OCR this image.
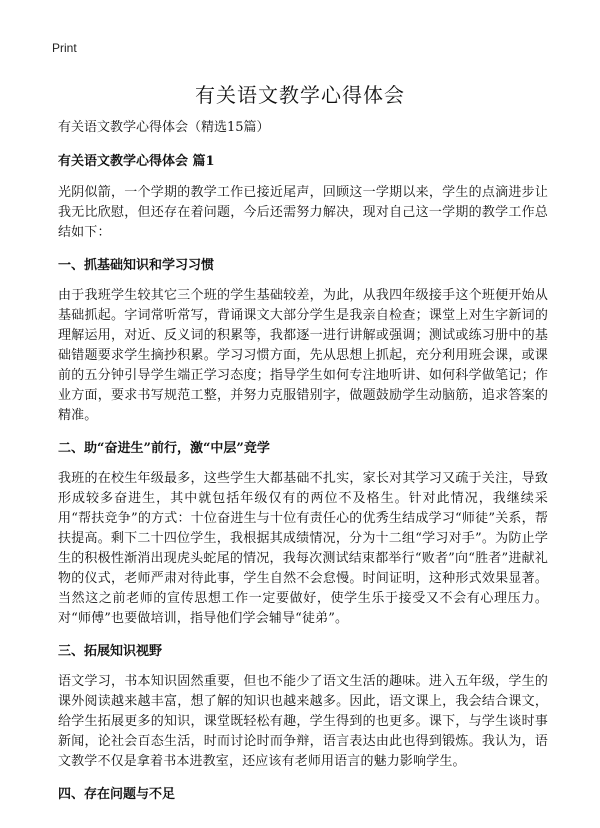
Print
有关语文教学心得体会

有关语文教学心得体会（精选15篇）

有关语文教学心得体会 篇1

光阴似箭，一个学期的教学工作已接近尾声，回顾这一学期以来，学生的点滴进步让我无比欣慰，但还存在着问题，今后还需努力解决，现对自己这一学期的教学工作总结如下：

一、抓基础知识和学习习惯

由于我班学生较其它三个班的学生基础较差，为此，从我四年级接手这个班便开始从基础抓起。字词常听常写，背诵课文大部分学生是我亲自检查；课堂上对生字新词的理解运用，对近、反义词的积累等，我都逐一进行讲解或强调；测试或练习册中的基础错题要求学生摘抄积累。学习习惯方面，先从思想上抓起，充分利用班会课，或课前的五分钟引导学生端正学习态度；指导学生如何专注地听讲、如何科学做笔记；作业方面，要求书写规范工整，并努力克服错别字，做题鼓励学生动脑筋，追求答案的精准。

二、助“奋进生”前行，激“中层”竞学

我班的在校生年级最多，这些学生大都基础不扎实，家长对其学习又疏于关注，导致形成较多奋进生，其中就包括年级仅有的两位不及格生。针对此情况，我继续采用“帮扶竞争”的方式：十位奋进生与十位有责任心的优秀生结成学习“师徒”关系，帮扶提高。剩下二十四位学生，我根据其成绩情况，分为十二组“学习对手”。为防止学生的积极性渐消出现虎头蛇尾的情况，我每次测试结束都举行“败者”向“胜者”进献礼物的仪式，老师严肃对待此事，学生自然不会怠慢。时间证明，这种形式效果显著。当然这之前老师的宣传思想工作一定要做好，使学生乐于接受又不会有心理压力。对“师傅”也要做培训，指导他们学会辅导“徒弟”。

三、拓展知识视野

语文学习，书本知识固然重要，但也不能少了语文生活的趣味。进入五年级，学生的课外阅读越来越丰富，想了解的知识也越来越多。因此，语文课上，我会结合课文，给学生拓展更多的知识，课堂既轻松有趣，学生得到的也更多。课下，与学生谈时事新闻，论社会百态生活，时而讨论时而争辩，语言表达由此也得到锻炼。我认为，语文教学不仅是拿着书本进教室，还应该有老师用语言的魅力影响学生。

四、存在问题与不足
